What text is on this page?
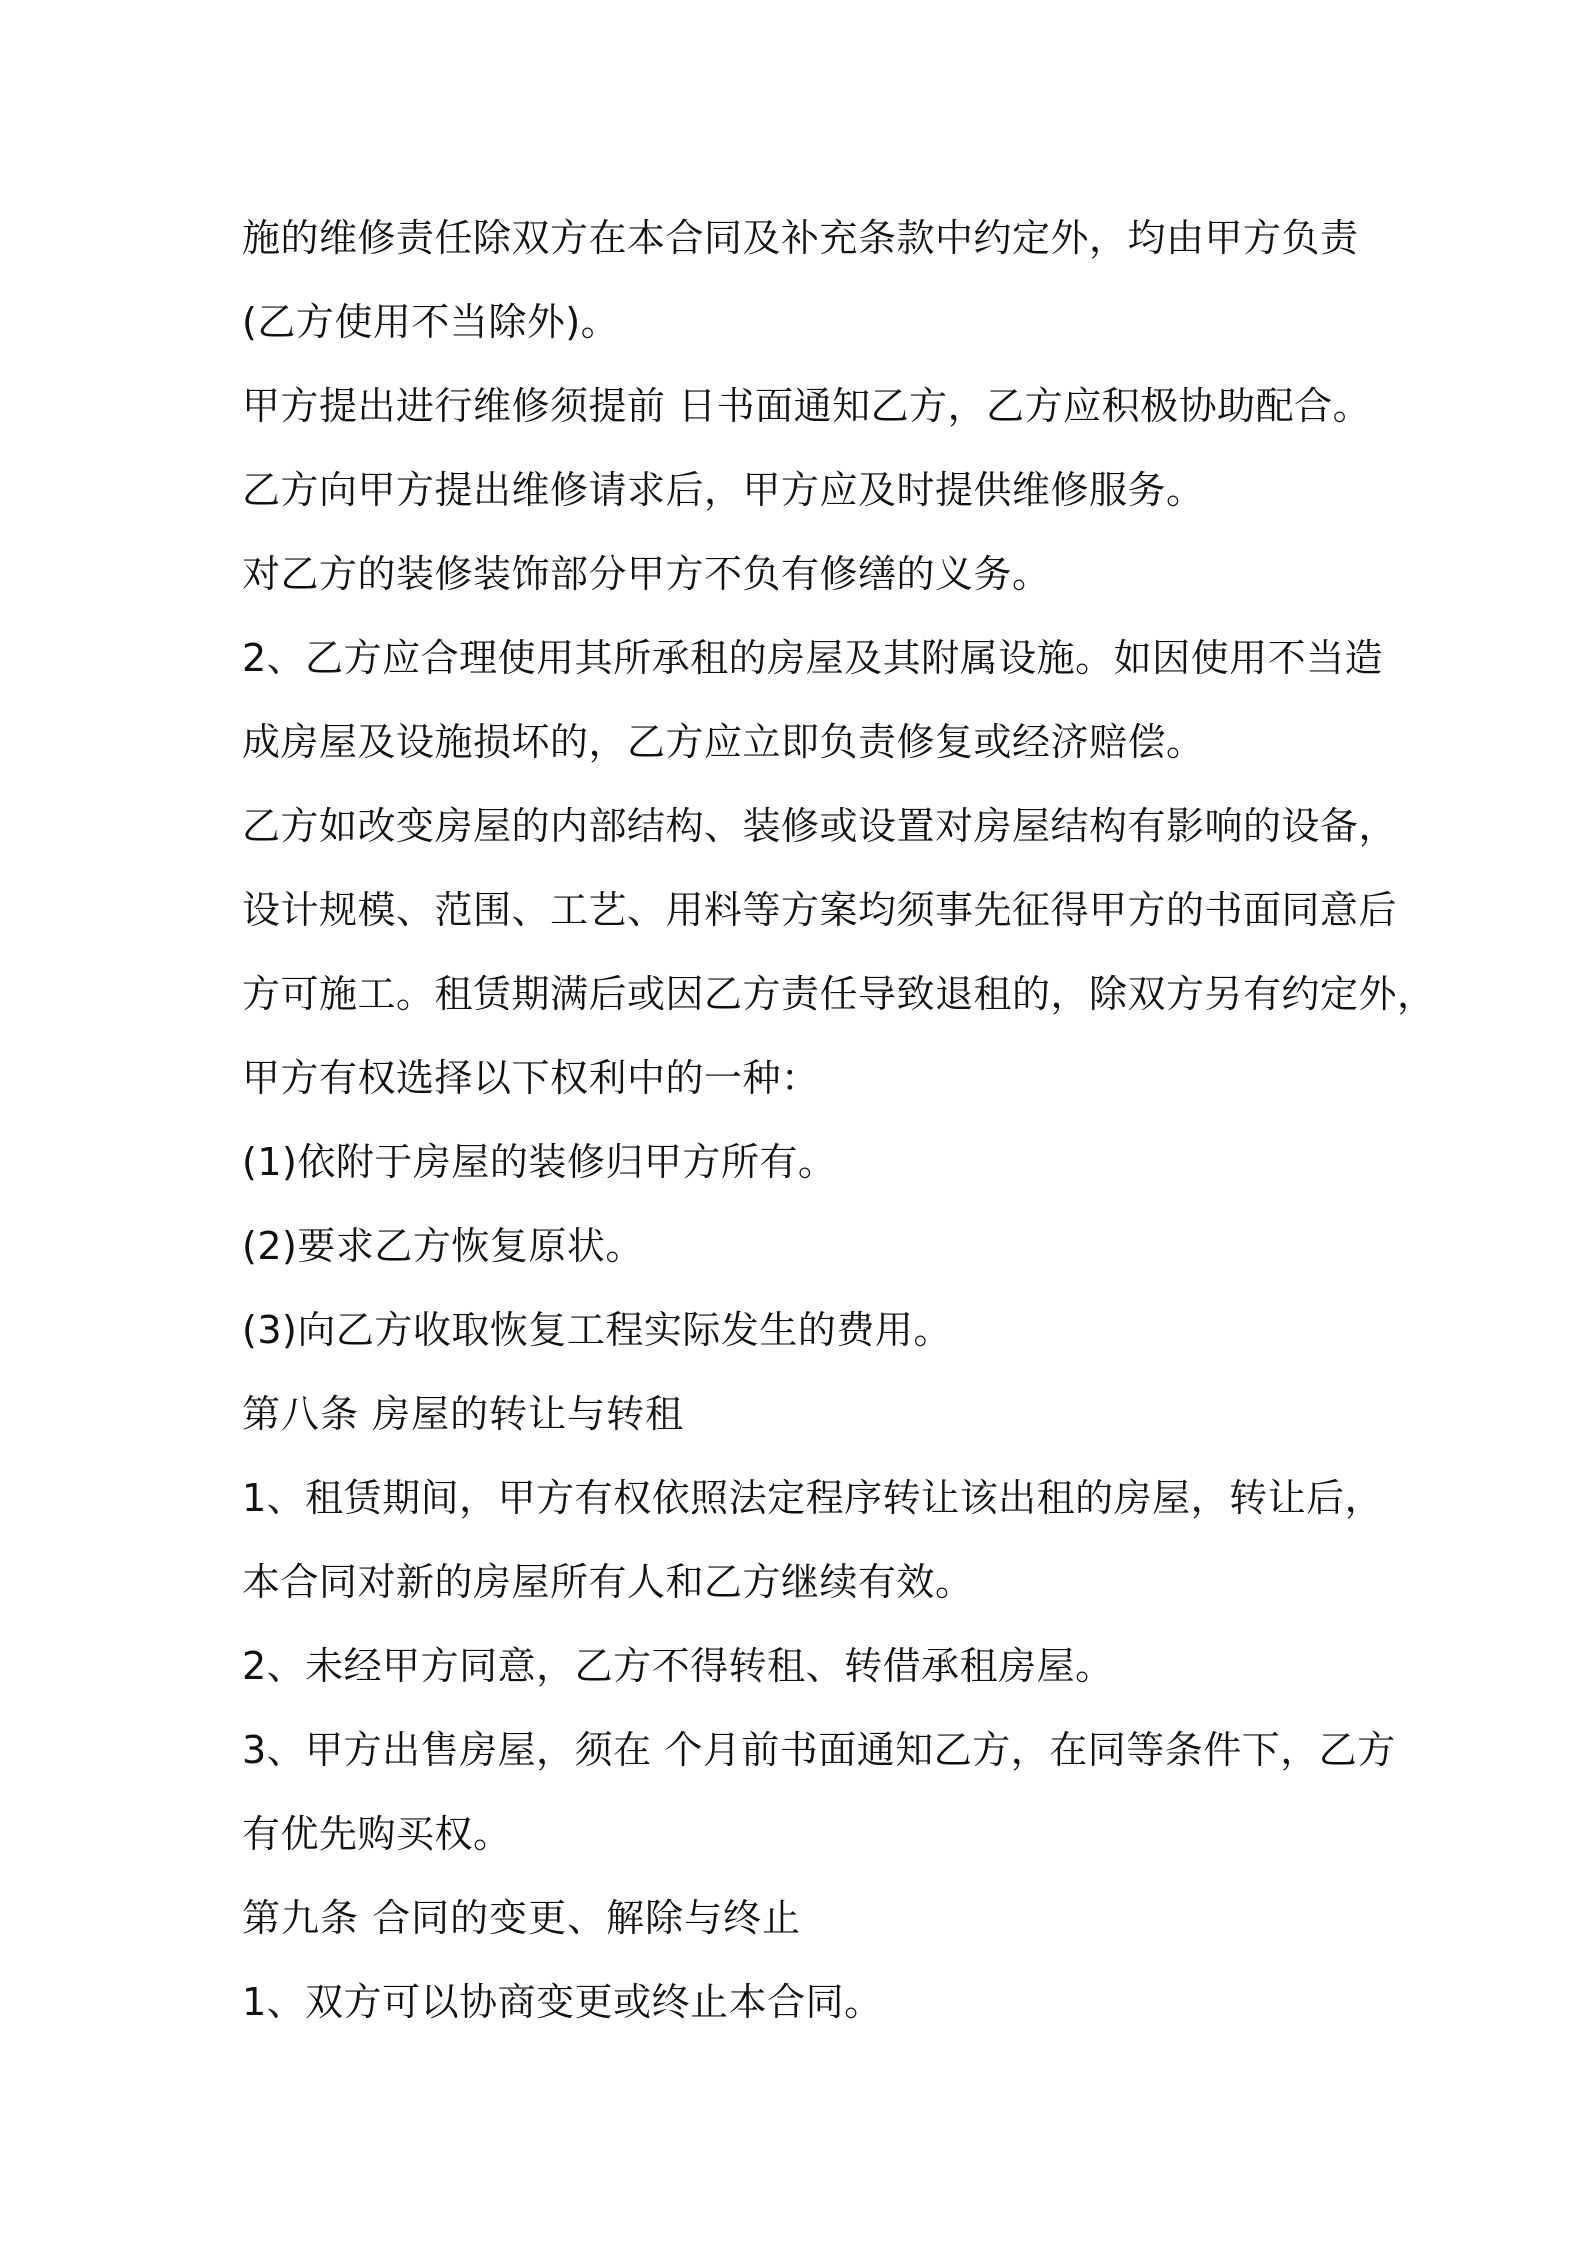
施的维修责任除双方在本合同及补充条款中约定外，均由甲方负责
(乙方使用不当除外)。
甲方提出进行维修须提前 日书面通知乙方，乙方应积极协助配合。
乙方向甲方提出维修请求后，甲方应及时提供维修服务。
对乙方的装修装饰部分甲方不负有修缮的义务。
2、乙方应合理使用其所承租的房屋及其附属设施。如因使用不当造
成房屋及设施损坏的，乙方应立即负责修复或经济赔偿。
乙方如改变房屋的内部结构、装修或设置对房屋结构有影响的设备，
设计规模、范围、工艺、用料等方案均须事先征得甲方的书面同意后
方可施工。租赁期满后或因乙方责任导致退租的，除双方另有约定外，
甲方有权选择以下权利中的一种：
(1)依附于房屋的装修归甲方所有。
(2)要求乙方恢复原状。
(3)向乙方收取恢复工程实际发生的费用。
第八条 房屋的转让与转租
1、租赁期间，甲方有权依照法定程序转让该出租的房屋，转让后，
本合同对新的房屋所有人和乙方继续有效。
2、未经甲方同意，乙方不得转租、转借承租房屋。
3、甲方出售房屋，须在 个月前书面通知乙方，在同等条件下，乙方
有优先购买权。
第九条 合同的变更、解除与终止
1、双方可以协商变更或终止本合同。
